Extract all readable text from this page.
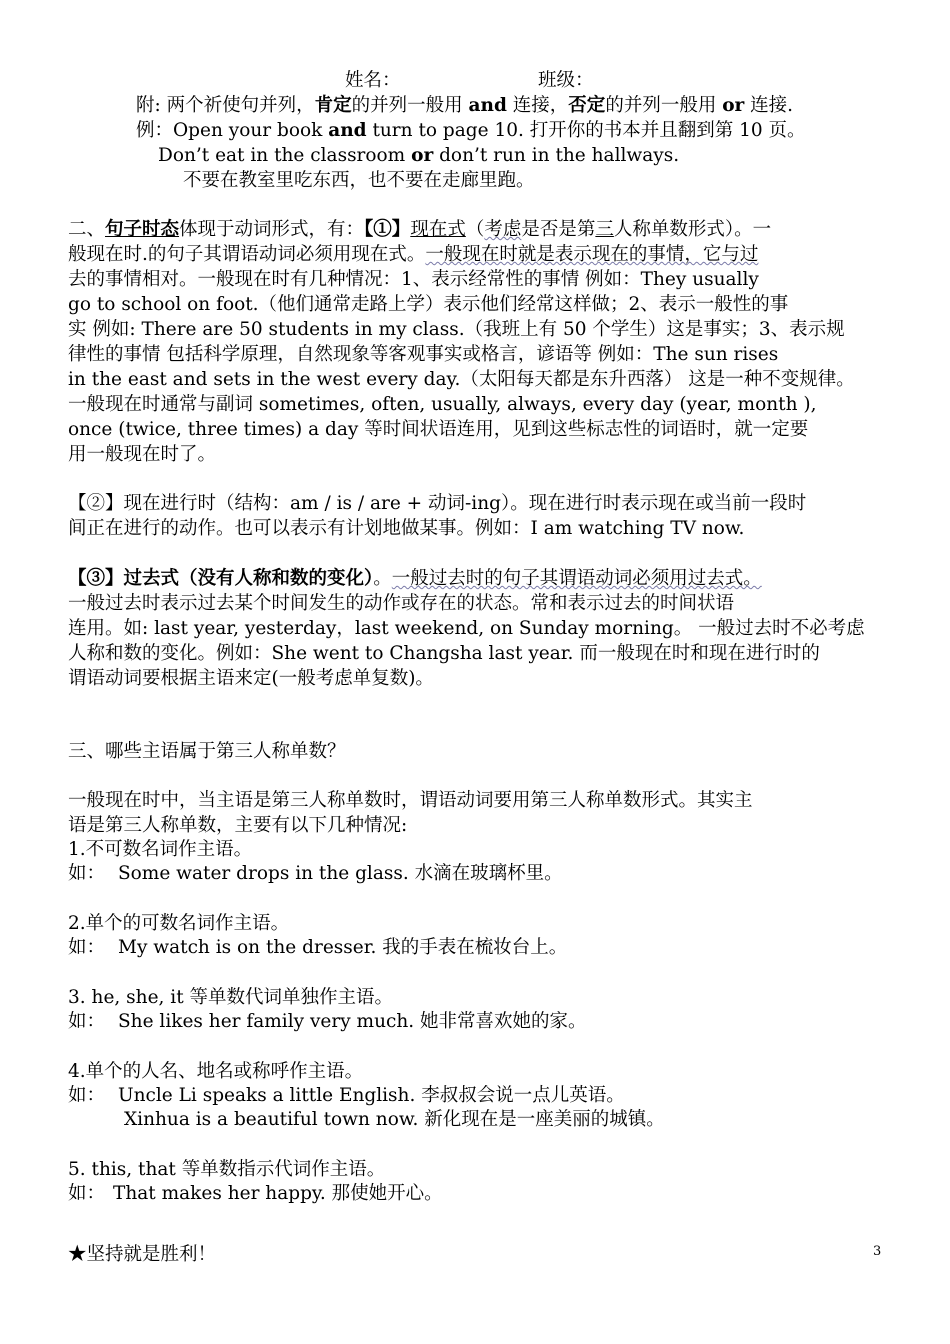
姓名：	班级：
附: 两个祈使句并列，肯定的并列一般用 and 连接，否定的并列一般用 or 连接.
例：Open your book and turn to page 10. 打开你的书本并且翻到第 10 页。
Don’t eat in the classroom or don’t run in the hallways.
不要在教室里吃东西，也不要在走廊里跑。
二、句子时态体现于动词形式，有：【①】现在式（考虑是否是第三人称单数形式）。一
般现在时.的句子其谓语动词必须用现在式。一般现在时就是表示现在的事情，它与过
去的事情相对。一般现在时有几种情况：1、表示经常性的事情 例如：They usually
go to school on foot.（他们通常走路上学）表示他们经常这样做；2、表示一般性的事
实 例如: There are 50 students in my class.（我班上有 50 个学生）这是事实；3、表示规
律性的事情 包括科学原理，自然现象等客观事实或格言，谚语等 例如：The sun rises
in the east and sets in the west every day.（太阳每天都是东升西落） 这是一种不变规律。
一般现在时通常与副词 sometimes, often, usually, always, every day (year, month ),
once (twice, three times) a day 等时间状语连用，见到这些标志性的词语时，就一定要
用一般现在时了。
【②】现在进行时（结构：am / is / are + 动词-ing）。现在进行时表示现在或当前一段时
间正在进行的动作。也可以表示有计划地做某事。例如：I am watching TV now.
【③】过去式（没有人称和数的变化）。一般过去时的句子其谓语动词必须用过去式。
一般过去时表示过去某个时间发生的动作或存在的状态。常和表示过去的时间状语
连用。如: last year, yesterday，last weekend, on Sunday morning。 一般过去时不必考虑
人称和数的变化。例如：She went to Changsha last year. 而一般现在时和现在进行时的
谓语动词要根据主语来定(一般考虑单复数)。
三、哪些主语属于第三人称单数？
一般现在时中，当主语是第三人称单数时，谓语动词要用第三人称单数形式。其实主
语是第三人称单数，主要有以下几种情况:
1.不可数名词作主语。
如： Some water drops in the glass. 水滴在玻璃杯里。
2.单个的可数名词作主语。
如： My watch is on the dresser. 我的手表在梳妆台上。
3. he, she, it 等单数代词单独作主语。
如： She likes her family very much. 她非常喜欢她的家。
4.单个的人名、地名或称呼作主语。
如： Uncle Li speaks a little English. 李叔叔会说一点儿英语。
Xinhua is a beautiful town now. 新化现在是一座美丽的城镇。
5. this, that 等单数指示代词作主语。
如： That makes her happy. 那使她开心。
★坚持就是胜利！	3
